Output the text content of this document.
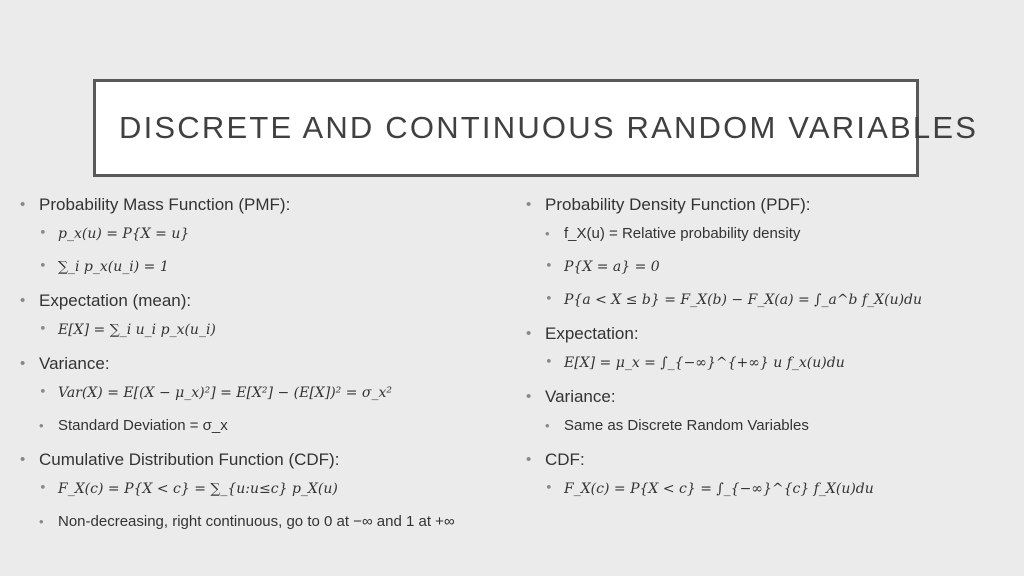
DISCRETE AND CONTINUOUS RANDOM VARIABLES
• Probability Mass Function (PMF):
• p_x(u) = P{X = u}
• ∑_i p_x(u_i) = 1
• Expectation (mean):
• E[X] = ∑_i u_i p_x(u_i)
• Variance:
• Var(X) = E[(X − μ_x)²] = E[X²] − (E[X])² = σ_x²
• Standard Deviation = σ_x
• Cumulative Distribution Function (CDF):
• F_X(c) = P{X < c} = ∑_{u:u≤c} p_X(u)
• Non-decreasing, right continuous, go to 0 at −∞ and 1 at +∞
• Probability Density Function (PDF):
• f_X(u) = Relative probability density
• P{X = a} = 0
• P{a < X ≤ b} = F_X(b) − F_X(a) = ∫_a^b f_X(u)du
• Expectation:
• E[X] = μ_x = ∫_{−∞}^{+∞} u f_x(u)du
• Variance:
• Same as Discrete Random Variables
• CDF:
• F_X(c) = P{X < c} = ∫_{−∞}^{c} f_X(u)du
